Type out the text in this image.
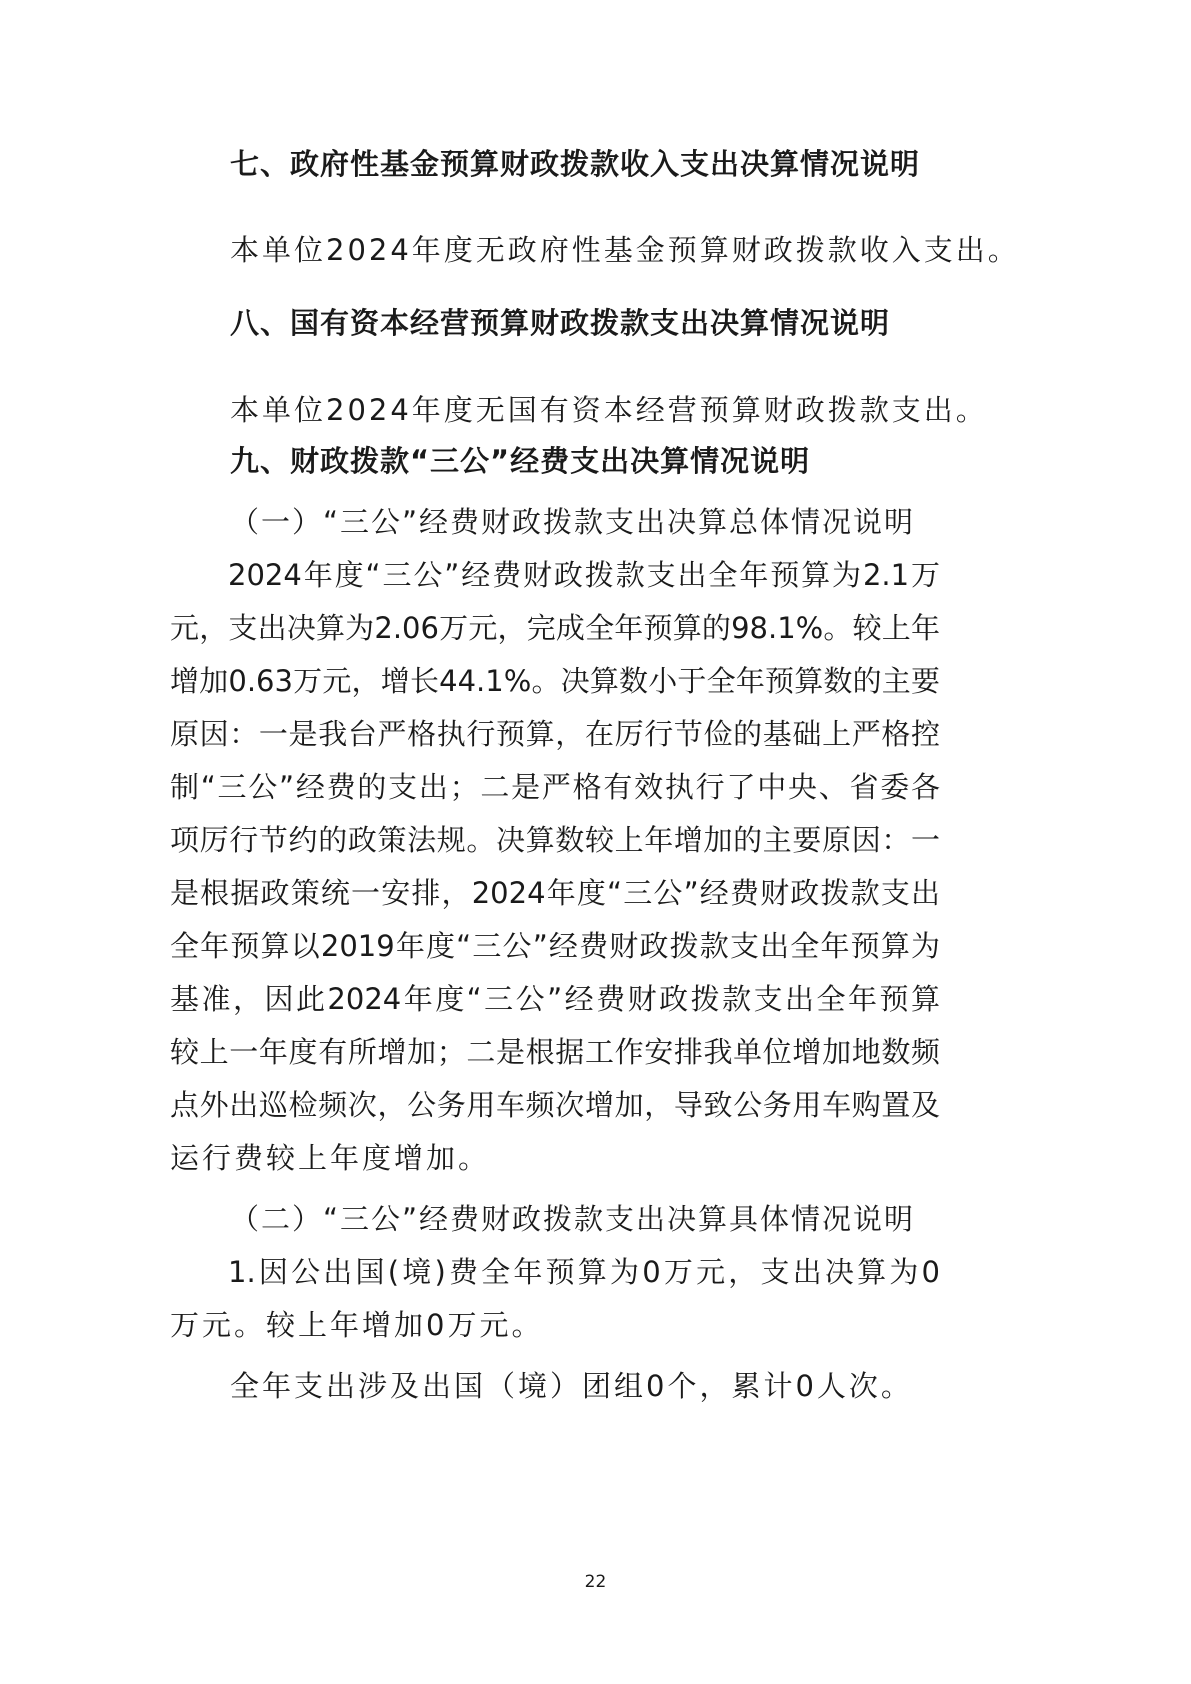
七、政府性基金预算财政拨款收入支出决算情况说明
本单位2024年度无政府性基金预算财政拨款收入支出。
八、国有资本经营预算财政拨款支出决算情况说明
本单位2024年度无国有资本经营预算财政拨款支出。
九、财政拨款“三公”经费支出决算情况说明
（一）“三公”经费财政拨款支出决算总体情况说明
2024年度“三公”经费财政拨款支出全年预算为2.1万
元，支出决算为2.06万元，完成全年预算的98.1%。较上年
增加0.63万元，增长44.1%。决算数小于全年预算数的主要
原因：一是我台严格执行预算，在厉行节俭的基础上严格控
制“三公”经费的支出；二是严格有效执行了中央、省委各
项厉行节约的政策法规。决算数较上年增加的主要原因：一
是根据政策统一安排，2024年度“三公”经费财政拨款支出
全年预算以2019年度“三公”经费财政拨款支出全年预算为
基准，因此2024年度“三公”经费财政拨款支出全年预算
较上一年度有所增加；二是根据工作安排我单位增加地数频
点外出巡检频次，公务用车频次增加，导致公务用车购置及
运行费较上年度增加。
（二）“三公”经费财政拨款支出决算具体情况说明
1.因公出国(境)费全年预算为0万元，支出决算为0
万元。较上年增加0万元。
全年支出涉及出国（境）团组0个，累计0人次。
22
